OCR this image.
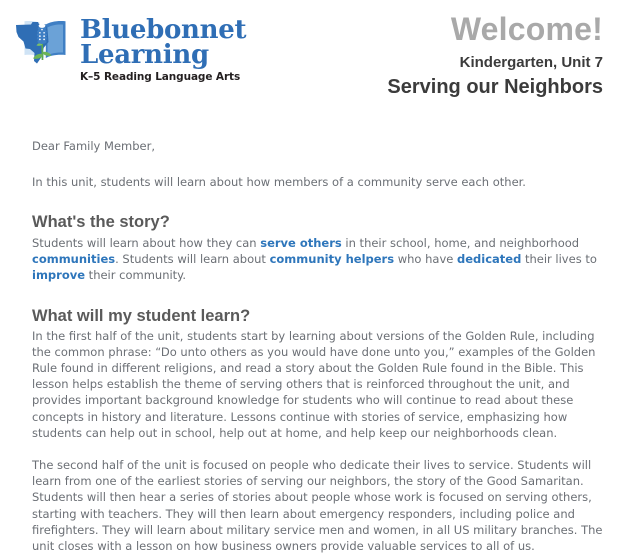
Bluebonnet
Learning
K–5 Reading Language Arts
Welcome!
Kindergarten, Unit 7
Serving our Neighbors
Dear Family Member,
In this unit, students will learn about how members of a community serve each other.
What's the story?
Students will learn about how they can serve others in their school, home, and neighborhood communities. Students will learn about community helpers who have dedicated their lives to improve their community.
What will my student learn?
In the first half of the unit, students start by learning about versions of the Golden Rule, including the common phrase: “Do unto others as you would have done unto you,” examples of the Golden Rule found in different religions, and read a story about the Golden Rule found in the Bible. This lesson helps establish the theme of serving others that is reinforced throughout the unit, and provides important background knowledge for students who will continue to read about these concepts in history and literature. Lessons continue with stories of service, emphasizing how students can help out in school, help out at home, and help keep our neighborhoods clean.
The second half of the unit is focused on people who dedicate their lives to service. Students will learn from one of the earliest stories of serving our neighbors, the story of the Good Samaritan. Students will then hear a series of stories about people whose work is focused on serving others, starting with teachers. They will then learn about emergency responders, including police and firefighters. They will learn about military service men and women, in all US military branches. The unit closes with a lesson on how business owners provide valuable services to all of us.
